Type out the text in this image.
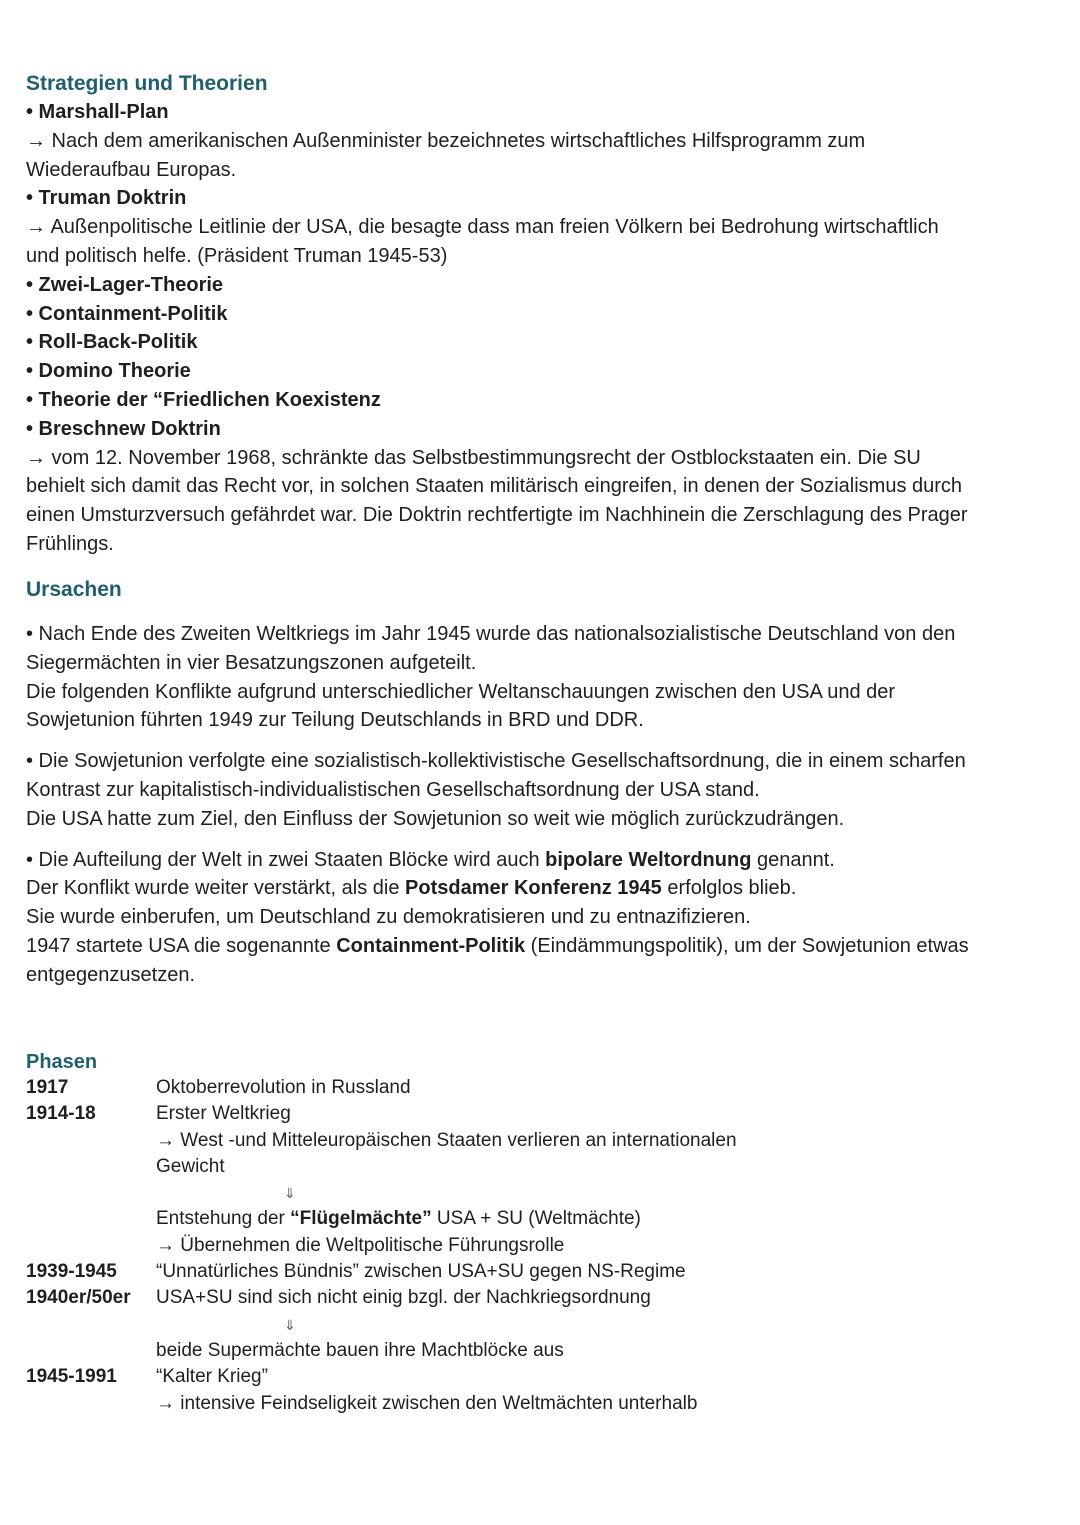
Strategien und Theorien
• Marshall-Plan
→ Nach dem amerikanischen Außenminister bezeichnetes wirtschaftliches Hilfsprogramm zum
Wiederaufbau Europas.
• Truman Doktrin
→ Außenpolitische Leitlinie der USA, die besagte dass man freien Völkern bei Bedrohung wirtschaftlich
und politisch helfe. (Präsident Truman 1945-53)
• Zwei-Lager-Theorie
• Containment-Politik
• Roll-Back-Politik
• Domino Theorie
• Theorie der “Friedlichen Koexistenz
• Breschnew Doktrin
→ vom 12. November 1968, schränkte das Selbstbestimmungsrecht der Ostblockstaaten ein. Die SU
behielt sich damit das Recht vor, in solchen Staaten militärisch eingreifen, in denen der Sozialismus durch
einen Umsturzversuch gefährdet war. Die Doktrin rechtfertigte im Nachhinein die Zerschlagung des Prager
Frühlings.
Ursachen
• Nach Ende des Zweiten Weltkriegs im Jahr 1945 wurde das nationalsozialistische Deutschland von den
Siegermächten in vier Besatzungszonen aufgeteilt.
Die folgenden Konflikte aufgrund unterschiedlicher Weltanschauungen zwischen den USA und der
Sowjetunion führten 1949 zur Teilung Deutschlands in BRD und DDR.
• Die Sowjetunion verfolgte eine sozialistisch-kollektivistische Gesellschaftsordnung, die in einem scharfen
Kontrast zur kapitalistisch-individualistischen Gesellschaftsordnung der USA stand.
Die USA hatte zum Ziel, den Einfluss der Sowjetunion so weit wie möglich zurückzudrängen.
• Die Aufteilung der Welt in zwei Staaten Blöcke wird auch bipolare Weltordnung genannt.
Der Konflikt wurde weiter verstärkt, als die Potsdamer Konferenz 1945 erfolglos blieb.
Sie wurde einberufen, um Deutschland zu demokratisieren und zu entnazifizieren.
1947 startete USA die sogenannte Containment-Politik (Eindämmungspolitik), um der Sowjetunion etwas
entgegenzusetzen.
Phasen
1917	Oktoberrevolution in Russland
1914-18	Erster Weltkrieg
→ West -und Mitteleuropäischen Staaten verlieren an internationalen
Gewicht
⇓
Entstehung der “Flügelmächte” USA + SU (Weltmächte)
→ Übernehmen die Weltpolitische Führungsrolle
1939-1945 “Unnatürliches Bündnis” zwischen USA+SU gegen NS-Regime
1940er/50er USA+SU sind sich nicht einig bzgl. der Nachkriegsordnung
⇓
beide Supermächte bauen ihre Machtblöcke aus
1945-1991 “Kalter Krieg”
→ intensive Feindseligkeit zwischen den Weltmächten unterhalb
